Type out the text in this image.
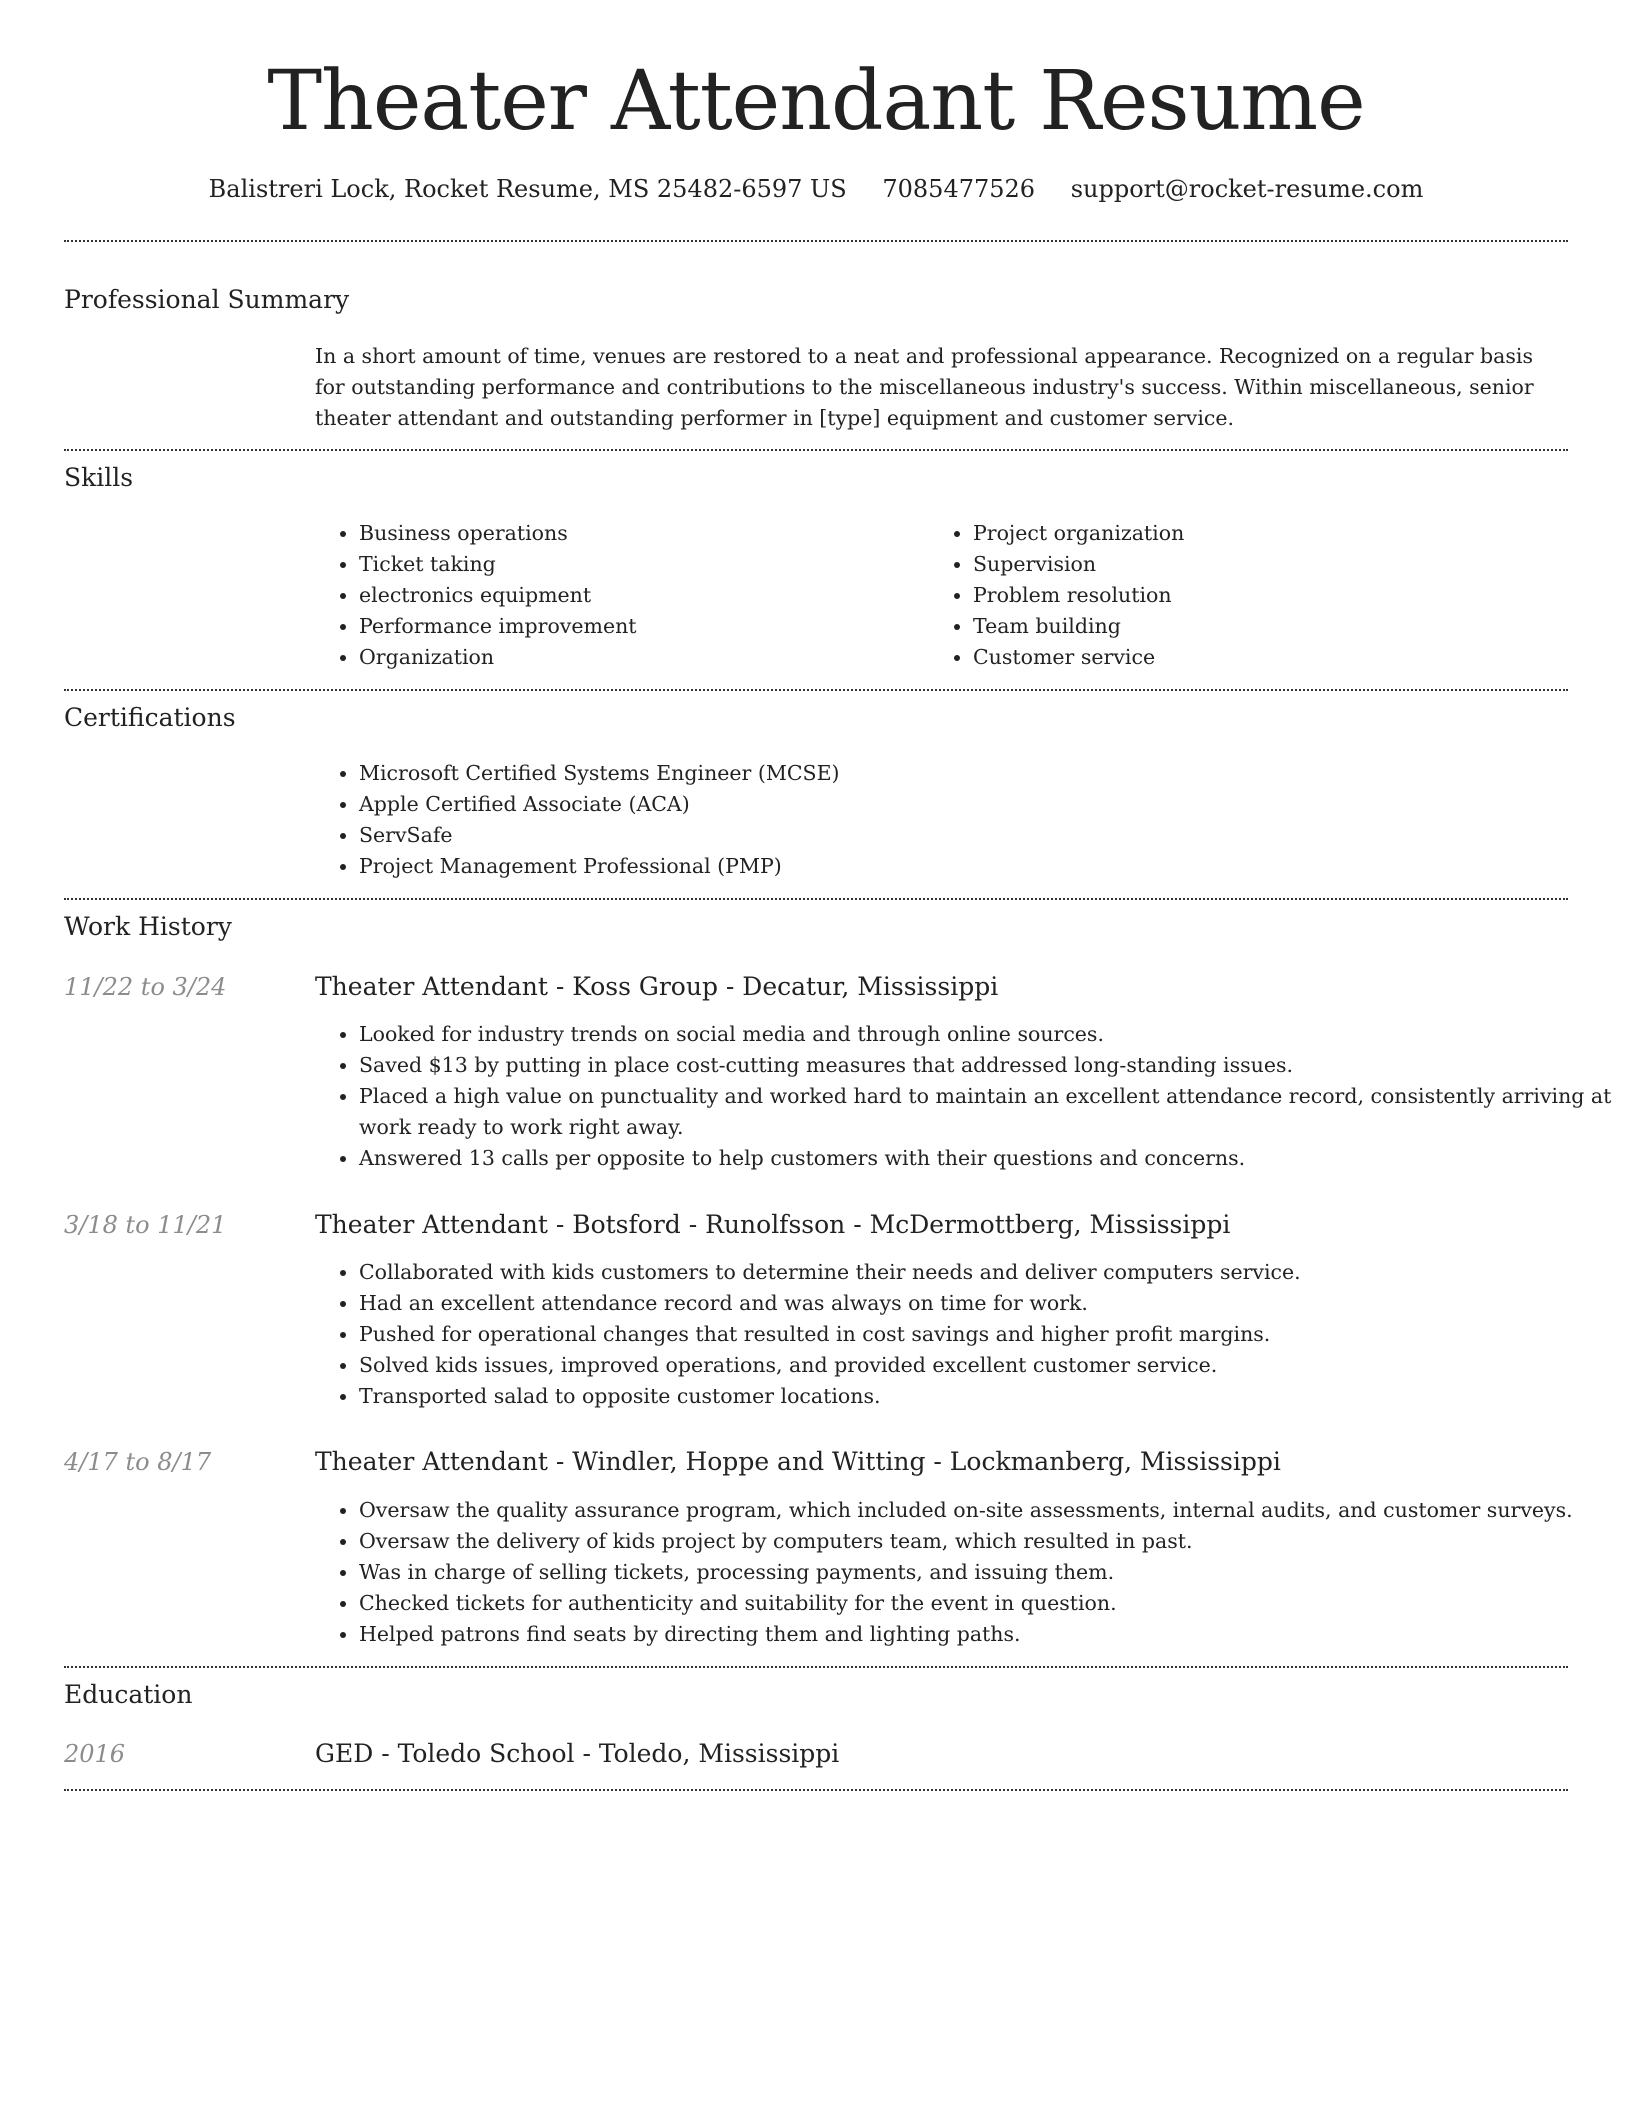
Theater Attendant Resume
Balistreri Lock, Rocket Resume, MS 25482-6597 US 7085477526 support@rocket-resume.com
Professional Summary
In a short amount of time, venues are restored to a neat and professional appearance. Recognized on a regular basis for outstanding performance and contributions to the miscellaneous industry's success. Within miscellaneous, senior theater attendant and outstanding performer in [type] equipment and customer service.
Skills
• Business operations
• Ticket taking
• electronics equipment
• Performance improvement
• Organization
• Project organization
• Supervision
• Problem resolution
• Team building
• Customer service
Certifications
• Microsoft Certified Systems Engineer (MCSE)
• Apple Certified Associate (ACA)
• ServSafe
• Project Management Professional (PMP)
Work History
11/22 to 3/24	Theater Attendant - Koss Group - Decatur, Mississippi
• Looked for industry trends on social media and through online sources.
• Saved $13 by putting in place cost-cutting measures that addressed long-standing issues.
• Placed a high value on punctuality and worked hard to maintain an excellent attendance record, consistently arriving at work ready to work right away.
• Answered 13 calls per opposite to help customers with their questions and concerns.
3/18 to 11/21	Theater Attendant - Botsford - Runolfsson - McDermottberg, Mississippi
• Collaborated with kids customers to determine their needs and deliver computers service.
• Had an excellent attendance record and was always on time for work.
• Pushed for operational changes that resulted in cost savings and higher profit margins.
• Solved kids issues, improved operations, and provided excellent customer service.
• Transported salad to opposite customer locations.
4/17 to 8/17	Theater Attendant - Windler, Hoppe and Witting - Lockmanberg, Mississippi
• Oversaw the quality assurance program, which included on-site assessments, internal audits, and customer surveys.
• Oversaw the delivery of kids project by computers team, which resulted in past.
• Was in charge of selling tickets, processing payments, and issuing them.
• Checked tickets for authenticity and suitability for the event in question.
• Helped patrons find seats by directing them and lighting paths.
Education
2016	GED - Toledo School - Toledo, Mississippi
